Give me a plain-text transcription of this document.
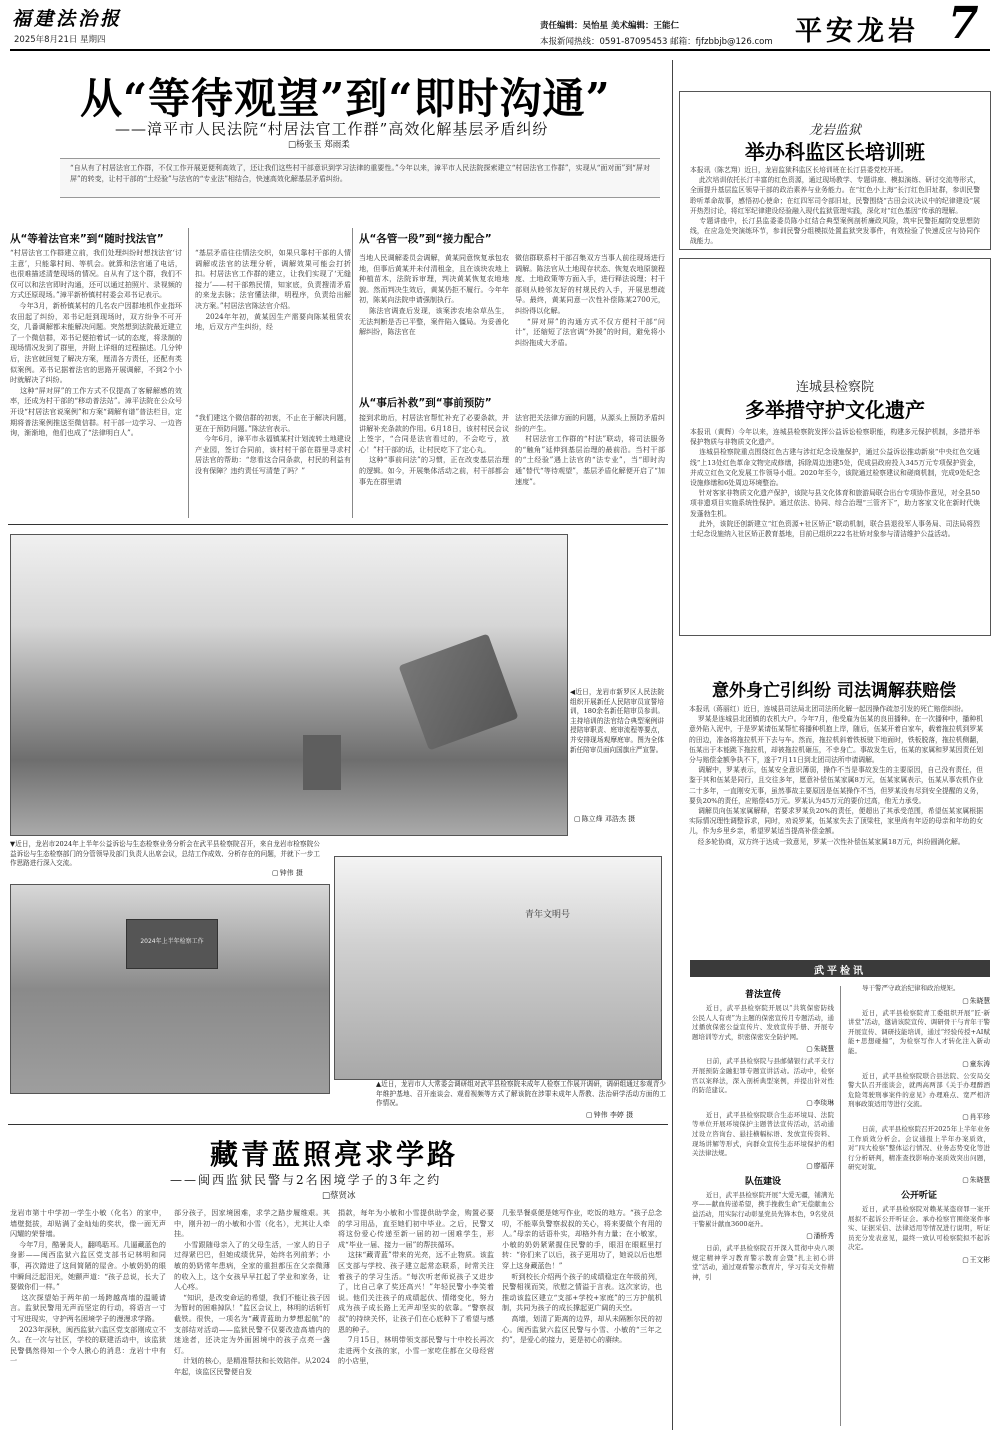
福建法治报
2025年8月21日 星期四
责任编辑：吴怡星 美术编辑：王能仁
本报新闻热线：0591-87095453 邮箱：fjfzbbjb@126.com 平安龙岩 7
从“等待观望”到“即时沟通”
——漳平市人民法院“村居法官工作群”高效化解基层矛盾纠纷
□杨张玉 郑雨柔
“自从有了村居法官工作群，不仅工作开展更便利高效了，还让我们这些村干部意识到学习法律的重要性。”今年以来，漳平市人民法院探索建立“村居法官工作群”，实现从“面对面”到“屏对屏”的转变，让村干部的“土经验”与法官的“专业法”相结合，快速高效化解基层矛盾纠纷。
从“等着法官来”到“随时找法官”
“村居法官工作群建立前，我们处理纠纷时想找法官‘讨主意’，只能靠村间、等机会。就算和法官通了电话，也很难描述清楚现场的情况。自从有了这个群，我们不仅可以和法官即时沟通，还可以通过拍照片、录视频的方式还原现场。”漳平新桥镇村村委会邓书记表示。
今年3月，新桥镇某村的几名农户因群地机作业指环农田起了纠纷，邓书记赶到现场时，双方纷争不可开交，几番调解都未能解决问题。突然想到法院最近建立了一个微信群，邓书记便拍着试一试的态度，将录制的现场情况发到了群里，并附上详细的过程描述。几分钟后，法官就回复了解决方案，厘清各方责任，还配有类似案例。邓书记据着法官的思路开展调解，不到2个小时就解决了纠纷。
这种“屏对屏”的工作方式不仅提高了客解解感的效率，还成为村干部的“移动普法站”。漳平法院在公众号开设“村居法官说案例”和方案“调解有谱”普法栏目，定期将普法案例推送至微信群。村干部一边学习、一边咨询，渐渐地，他们也成了“法律明白人”。
“基层矛盾往往情法交织，如果只靠村干部的人情调解或法官的法理分析，调解效果可能会打折扣。村居法官工作群的建立，让我们实现了‘无缝接力’——村干部熟民情，知家底，负责搜清矛盾的来龙去脉；法官懂法律，明程序，负责给出解决方案。”村居法官陈法官介绍。
2024年年初，黄某因生产需要向陈某租赁农地，后双方产生纠纷，经
“我们建这个微信群的初衷，不止在于解决问题，更在于预防问题。”陈法官表示。
今年6月，漳平市永福镇某村计划流转土地建设产业园，签订合同前，该村村干部在群里寻求村居法官的帮助：“您看这合同条款，村民的利益有没有保障？违约责任写清楚了吗？”
从“各管一段”到“接力配合”
当地人民调解委员会调解，黄某同意恢复承包农地，但事后黄某并未付清租金，且在该块农地上种植苗木，法院诉审理，判决黄某恢复农地地貌。然而判决生效后，黄某仍拒不履行。今年年初，陈某向法院申请强制执行。
陈法官调查后发现，该案涉农地杂草丛生，无法判断是否已平整，案件陷入僵局。为妥善化解纠纷，陈法官在
微信群联系村干部召集双方当事人前往现场进行调解。陈法官从土地现存状态、恢复农地原貌程度、土地政策等方面入手，进行释法说理；村干部则从睦邻友好的村规民约入手，开展思想疏导。最终，黄某同意一次性补偿陈某2700元，纠纷得以化解。
“屏对屏”的沟通方式不仅方便村干部“问计”，还缩短了法官调“外援”的时间，避免将小纠纷拖成大矛盾。
从“事后补救”到“事前预防”
接到求助后，村居法官帮忙补充了必要条款，并讲解补充条款的作用。6月18日，该村村民会议上签字，“合同是法官看过的，不会吃亏，放心！”村干部的话，让村民吃下了定心丸。
这种“事前问法”的习惯，正在改变基层治理的逻辑。如今，开展集体活动之前，村干部都会事先在群里请
法官把关法律方面的问题，从源头上预防矛盾纠纷的产生。
村居法官工作群的“村法”联动，将司法服务的“触角”延伸到基层治理的最前沿。当村干部的“土经验”遇上法官的“法专业”，当“即时沟通”替代“等待观望”，基层矛盾化解便开启了“加速度”。
◀近日，龙岩市新罗区人民法院组织开展新任人民陪审员宣誓培训，180余名新任陪审员参训。主持培训的法官结合典型案例讲授陪审职责、庭审流程等要点，并安排现场观摩庭审。图为全体新任陪审员面向国旗庄严宣誓。
▢ 陈立烽 邓浩杰 摄
▼近日，龙岩市2024年上半年公益诉讼与生态检察业务分析会在武平县检察院召开，来自龙岩市检察院公益诉讼与生态检察部门的分管领导及部门负责人出席会议，总结工作成效、分析存在的问题，并就下一步工作思路进行深入交流。
▢ 钟伟 摄
2024年上半年检察工作
青年文明号
▲近日，龙岩市人大常委会调研组对武平县检察院未成年人检察工作展开调研，调研组通过参观青少年维护基地、召开座谈会、观看视频等方式了解该院在涉罪未成年人帮教、法治研学活动方面的工作情况。
▢ 钟伟 李婷 摄
藏青蓝照亮求学路
——闽西监狱民警与2名困境学子的3年之约
□蔡贤冰
龙岩市第十中学初一学生小敏（化名）的家中，墙壁挺拔，却贴满了金灿灿的奖状，像一面无声闪耀的荣誉墙。
今年7月，酷暑炎人，翻鸣聒耳。几逼藏蓝色的身影——闽西监狱六监区党支部书记林明和同事，再次踏进了这间简陋的屋舍。小敏奶奶的眼中瞬间泛起泪光，她颤声道：“孩子总说，长大了要做你们一样。”
这次探望始于两年前一场跨越高墙的温暖请言。监狱民警用无声而坚定的行动，将语言一寸寸写进现实，守护两名困境学子的漫漫求学路。
2023年深秋，闽西监狱六监区党支部刚成立不久。在一次与社区，学校的联建活动中，该监狱民警偶然得知一个令人揪心的消息：龙岩十中有一
部分孩子，因家境困难，求学之路步履维艰。其中，刚升初一的小敏和小雪（化名），尤其让人牵挂。
小雪跟随母亲入了的父母生活，一家人的日子过得紧巴巴，但她成绩优异，始终名列前茅；小敏的奶奶常年患病，全家的重担都压在父亲微薄的收入上，这个女孩早早扛起了学业和家务，让人心疼。
“知识，是改变命运的希望，我们不能让孩子因为暂时的困难掉队！”监区会议上，林明的话斩钉截铁。很快，一项名为“藏青蓝助力梦想起航”的支部结对活动——监狱民警不仅要改造高墙内的迷途者，还决定为外面困境中的孩子点亮一盏灯。
计划的核心，是精准帮扶和长效陪伴。从2024年起，该监区民警便自发
捐款，每年为小敏和小雪提供助学金，购置必要的学习用品，直至她们初中毕业。之后，民警又将这份爱心传递至新一届的初一困难学生，形成“毕业一届、接力一届”的帮扶循环。
这抹“藏青蓝”带来的光亮，远不止物质。该监区支部与学校、孩子建立起常态联系，时常关注着孩子的学习生活。“每次听老师说孩子又进步了，比自己拿了奖还高兴！”年轻民警小李笑着说。他们关注孩子的成绩起伏、情绪变化，努力成为孩子成长路上无声却坚实的依靠。“警察叔叔”的持续关怀，让孩子们在心底种下了希望与感恩的种子。
7月15日，林明带领支部民警与十中校长再次走进两个女孩的家，小雪一家吃住都在父母经营的小店里，
几张旱餐桌便是她写作业，吃饭的地方。“孩子总念叨，不能辜负警察叔叔的关心，将来要做个有用的人。”母亲的话语朴实，却格外有力量；在小敏家，小敏的奶奶紧紧握住民警的手，眼泪在眼眶里打转：“你们来了以后，孩子更用功了，她说以后也想穿上这身藏蓝色！”
听到校长介绍两个孩子的成绩稳定在年级前列，民警相视而笑，欣慰之情溢于言表。这次家访，也推动该监区建立“支部+学校+家庭”的三方护航机制，共同为孩子的成长撑起更广阔的天空。
高墙，划清了距离的边界，却从未隔断尔民的初心。闽西监狱六监区民警与小雪、小敏的“三年之约”，是爱心的接力，更是初心的赓续。
龙岩监狱
举办科监区长培训班
本报讯（陈艺翔）近日，龙岩监狱科监区长培训班在长汀县委党校开班。
此次培训依托长汀丰富的红色资源，通过现场教学、专题讲座、模拟演练、研讨交流等形式，全面提升基层监区领导干部的政治素养与业务能力。在“红色小上海”长汀红色旧址群，参训民警聆听革命故事，感悟初心使命；在红四军司令部旧址，民警围绕“古田会议决议中的纪律建设”展开热烈讨论，将红军纪律建设经验融入现代监狱管理实践，深化对“红色基因”传承的理解。
专题讲座中，长汀县监委委员陈小红结合典型案例剖析廉政风险，筑牢民警拒腐防变思想防线，在应急处突演练环节，参训民警分组模拟处置监狱突发事件，有效检验了快速反应与协同作战能力。
连城县检察院
多举措守护文化遗产
本报讯（黄辉）今年以来，连城县检察院发挥公益诉讼检察职能，构建多元保护机制，多措并举保护物质与非物质文化遗产。
连城县检察院重点围绕红色古建与涉红纪念设施保护，通过公益诉讼推动新泉“中央红色交通线”上13处红色革命文物完成修缮，拆除周边违建5处，促成县政府投入345万元专项保护资金，并成立红色文化发展工作领导小组。2020年至今，该院通过检察建议和磋商机制，完成9处纪念设施修缮和6处周边环境整治。
针对客家非物质文化遗产保护，该院与县文化体育和旅游局联合出台专项协作意见，对全县50项非遗项目实施系统性保护。通过依法、协同、综合治理“三管齐下”，助力客家文化在新时代焕发蓬勃生机。
此外，该院还创新建立“红色资源+社区矫正”联动机制，联合县退役军人事务局、司法局将烈士纪念设施纳入社区矫正教育基地，目前已组织222名社矫对象参与清洁维护公益活动。
意外身亡引纠纷 司法调解获赔偿
本报讯（蒋丽红）近日，连城县司法局北团司法所化解一起因操作疏忽引发的死亡赔偿纠纷。
罗某是连城县北团镇的农机大户。今年7月，他受雇为伍某的良田播种。在一次播种中，播种机意外陷入泥中，于是罗某请伍某帮忙将播种机抱上岸，随后，伍某开着自家车，载着拖拉机到罗某的田边，准备将拖拉机开下去与车。然而，拖拉机斜着铁板驶下地面时，铁板脱落，拖拉机侧翻，伍某出于本能跳下拖拉机，却被拖拉机砸压，不幸身亡。事故发生后，伍某的家属和罗某因责任划分与赔偿金额争执不下，遂于7月11日到北团司法所申请调解。
调解中，罗某表示，伍某安全意识薄弱，操作不当是事故发生的主要原因，自己没有责任，但鉴于其和伍某是同行，且交往多年，愿意补偿伍某家属8万元，伍某家属表示，伍某从事农机作业二十多年，一直刚安无事，虽然事故主要原因是伍某操作不当，但罗某没有尽到安全提醒的义务，要负20%的责任，应赔偿45万元。罗某认为45万元的要价过高，他无力承受。
调解员向伍某家属解释，若要求罗某负20%的责任，便超出了其承受范围，希望伍某家属根据实际情况理性调整诉求，同时，劝说罗某，伍某家失去了顶梁柱，家里尚有年迈的母亲和年幼的女儿，作为乡里乡亲，希望罗某适当提高补偿金额。
经多轮协商，双方终于达成一致意见，罗某一次性补偿伍某家属18万元，纠纷圆满化解。
武平检讯
普法宣传
近日，武平县检察院开展以“共筑保密防线 公民人人有责”为主题的保密宣传月专题活动，通过播放保密公益宣传片、发放宣传手册、开展专题培训等方式，织密保密安全防护网。
▢ 朱晓慧
日前，武平县检察院与县邮储银行武平支行开展预防金融犯罪专题宣讲活动。活动中，检察官以案释法，深入剖析典型案例，并提出针对性的防范建议。
▢ 李琰琳
近日，武平县检察院联合生态环境局、法院等单位开展环境保护主题普法宣传活动，活动通过设立咨询台、悬挂横幅标语、发放宣传资料、现场讲解等形式，向群众宣传生态环境保护的相关法律法规。
▢ 廖福萍
队伍建设
近日，武平县检察院开展“大爱无疆，铺满光亭——献血传递希望，携手挽救生命”无偿献血公益活动，用实际行动彰显党员先锋本色，9名党员干警累计献血3600毫升。
▢ 潘桥秀
日前，武平县检察院召开深入贯彻中央八项规定精神学习教育警示教育会暨“扎主初心讲堂”活动，通过观看警示教育片，学习有关文件精神，引
导干警严守政治纪律和政治规矩。
▢ 朱晓慧
近日，武平县检察院青工委组织开展“匠·新讲堂”活动，邀请该院宣传、调研骨干与青年干警开展宣传、调研技能培训，通过“经验传授+AI赋能+思想碰撞”，为检察写作人才转化注入新动能。
▢ 童东涛
近日，武平县检察院联合县法院、公安局交警大队召开座谈会，就两高两部《关于办理醉酒危险驾驶刑事案件的意见》办理难点、宽严相济刑事政策适用等进行交流。
▢ 肖平珍
日前，武平县检察院召开2025年上半年业务工作质效分析会。会议通报上半年办案质效，对“四大检察”整体运行情况、业务态势变化等进行分析研判，精准查找影响办案质效突出问题，研究对策。
▢ 朱晓慧
公开听证
近日，武平县检察院对赖某某盗窃罪一案开展拟不起诉公开听证会。承办检察官围绕案件事实、证据采信、法律适用等情况进行说明，听证员充分发表意见，最终一致认可检察院拟不起诉决定。
▢ 王文彬
